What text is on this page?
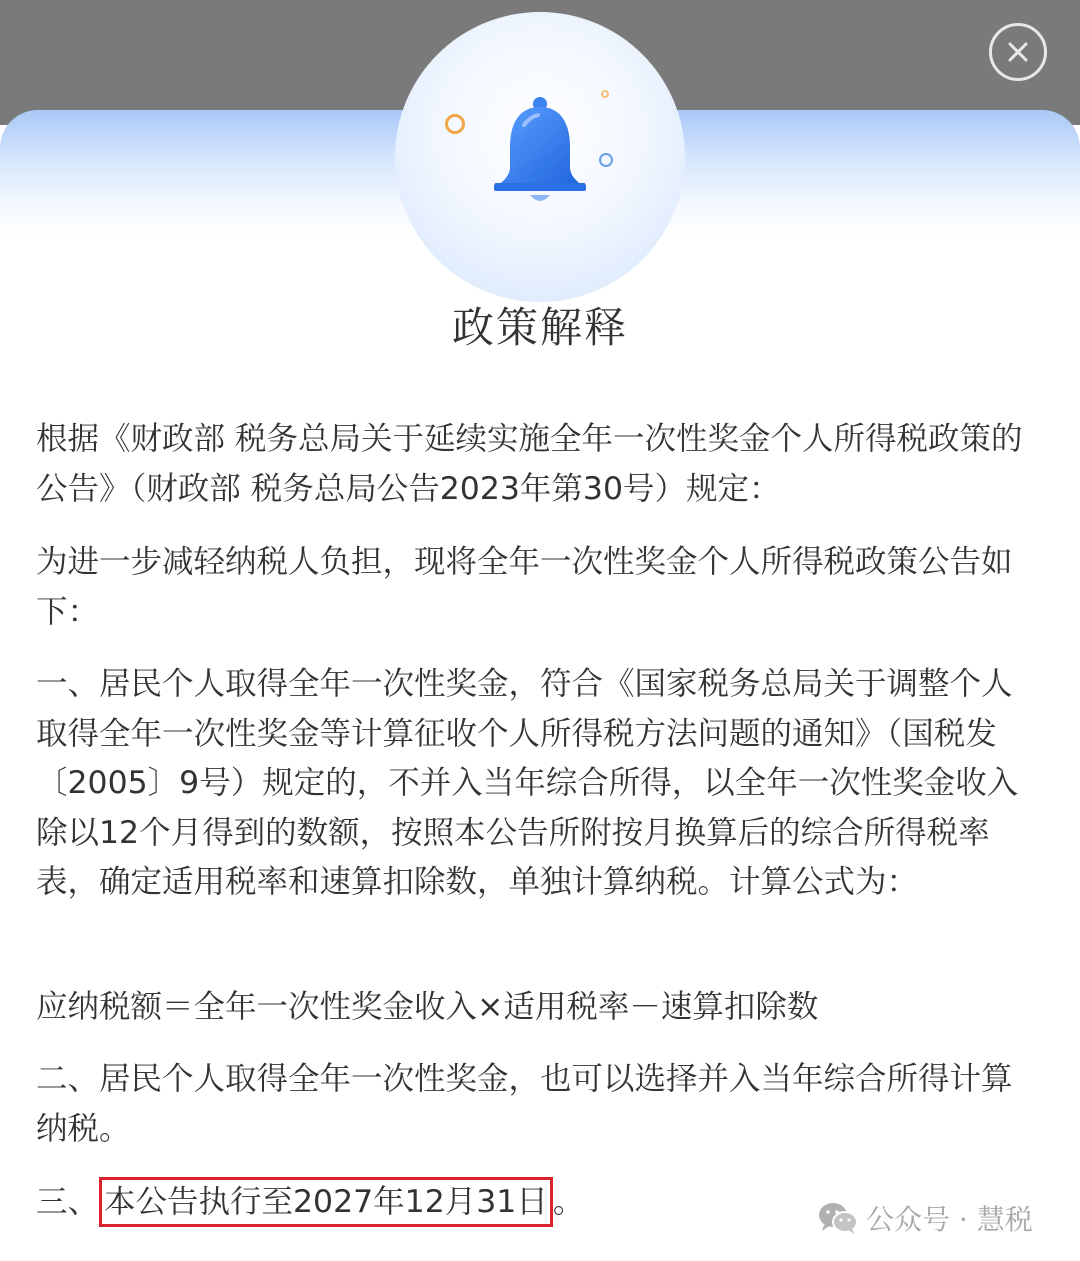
政策解释

根据《财政部 税务总局关于延续实施全年一次性奖金个人所得税政策的公告》（财政部 税务总局公告2023年第30号）规定：

为进一步减轻纳税人负担，现将全年一次性奖金个人所得税政策公告如下：

一、居民个人取得全年一次性奖金，符合《国家税务总局关于调整个人取得全年一次性奖金等计算征收个人所得税方法问题的通知》（国税发〔2005〕9号）规定的，不并入当年综合所得，以全年一次性奖金收入除以12个月得到的数额，按照本公告所附按月换算后的综合所得税率表，确定适用税率和速算扣除数，单独计算纳税。计算公式为：

应纳税额＝全年一次性奖金收入×适用税率－速算扣除数

二、居民个人取得全年一次性奖金，也可以选择并入当年综合所得计算纳税。

三、 本公告执行至2027年12月31日 。	公众号 · 慧税
